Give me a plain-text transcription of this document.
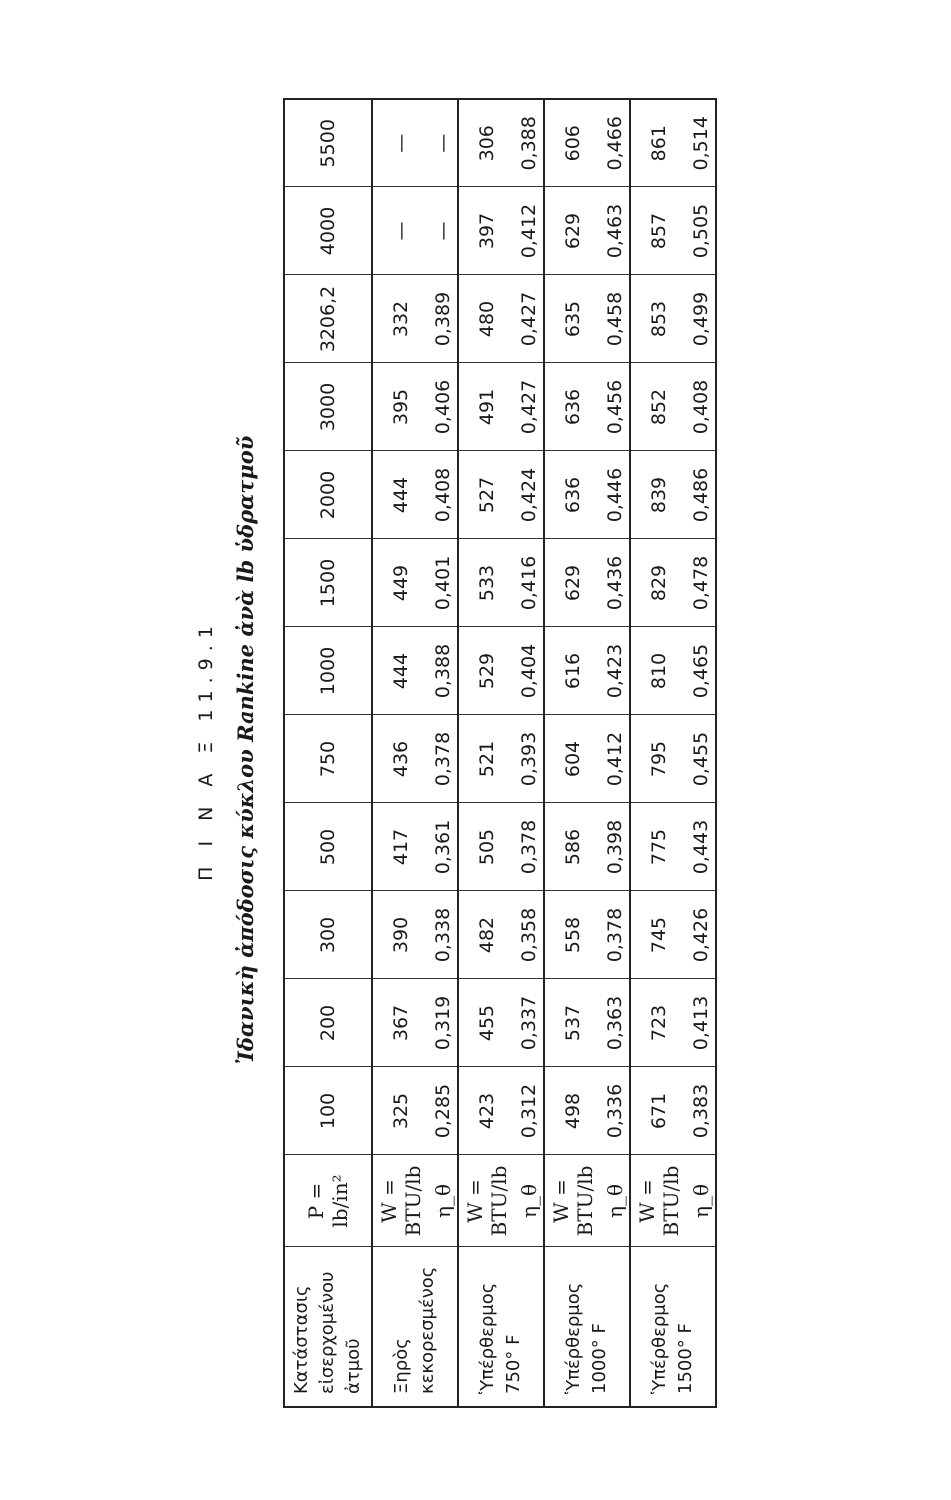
Π Ι Ν Α Ξ 11.9.1 Ἰδανικὴ ἀπόδοσις κύκλου Rankine ἀνὰ lb ὑδρατμοῦ
Κατάστασις εἰσερχομένου ἀτμοῦ	P = lb/in²	100	200	300	500	750	1000	1500	2000	3000	3206,2	4000	5500
Ξηρὸς κεκορεσμένος	W = BTU/lb	325	367	390	417	436	444	449	444	395	332	—	—
	η_θ	0,285	0,319	0,338	0,361	0,378	0,388	0,401	0,408	0,406	0,389	—	—
Ὑπέρθερμος 750° F	W = BTU/lb	423	455	482	505	521	529	533	527	491	480	397	306
	η_θ	0,312	0,337	0,358	0,378	0,393	0,404	0,416	0,424	0,427	0,427	0,412	0,388
Ὑπέρθερμος 1000° F	W = BTU/lb	498	537	558	586	604	616	629	636	636	635	629	606
	η_θ	0,336	0,363	0,378	0,398	0,412	0,423	0,436	0,446	0,456	0,458	0,463	0,466
Ὑπέρθερμος 1500° F	W = BTU/lb	671	723	745	775	795	810	829	839	852	853	857	861
	η_θ	0,383	0,413	0,426	0,443	0,455	0,465	0,478	0,486	0,408	0,499	0,505	0,514
